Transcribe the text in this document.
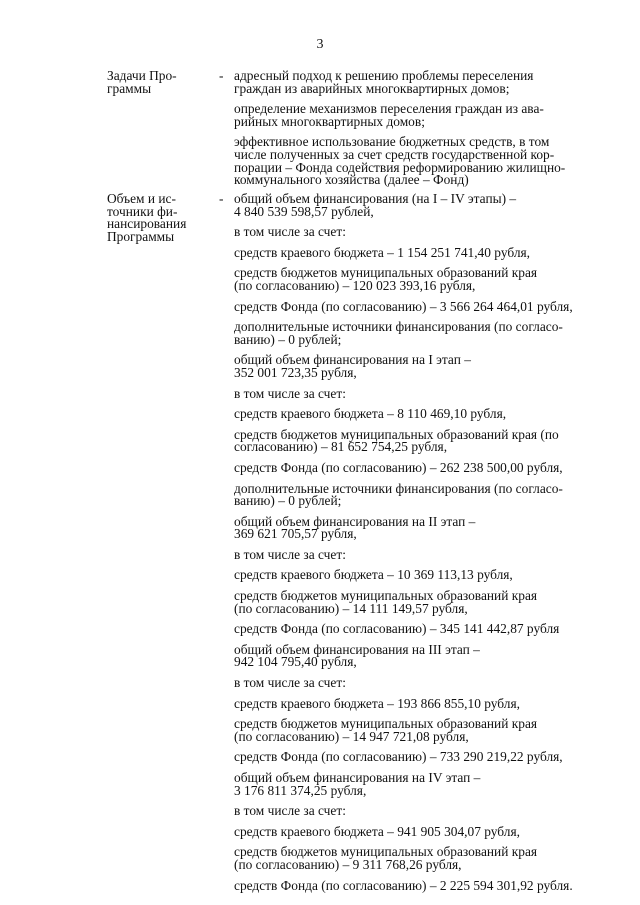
3
Задачи Про-
граммы
- адресный подход к решению проблемы переселения
граждан из аварийных многоквартирных домов;
определение механизмов переселения граждан из ава-
рийных многоквартирных домов;
эффективное использование бюджетных средств, в том
числе полученных за счет средств государственной кор-
порации – Фонда содействия реформированию жилищно-
коммунального хозяйства (далее – Фонд)
Объем и ис-
точники фи-
нансирования
Программы
- общий объем финансирования (на I – IV этапы) –
4 840 539 598,57 рублей,
в том числе за счет:
средств краевого бюджета – 1 154 251 741,40 рубля,
средств бюджетов муниципальных образований края
(по согласованию) – 120 023 393,16 рубля,
средств Фонда (по согласованию) – 3 566 264 464,01 рубля,
дополнительные источники финансирования (по согласо-
ванию) – 0 рублей;
общий объем финансирования на I этап –
352 001 723,35 рубля,
в том числе за счет:
средств краевого бюджета – 8 110 469,10 рубля,
средств бюджетов муниципальных образований края (по
согласованию) – 81 652 754,25 рубля,
средств Фонда (по согласованию) – 262 238 500,00 рубля,
дополнительные источники финансирования (по согласо-
ванию) – 0 рублей;
общий объем финансирования на II этап –
369 621 705,57 рубля,
в том числе за счет:
средств краевого бюджета – 10 369 113,13 рубля,
средств бюджетов муниципальных образований края
(по согласованию) – 14 111 149,57 рубля,
средств Фонда (по согласованию) – 345 141 442,87 рубля
общий объем финансирования на III этап –
942 104 795,40 рубля,
в том числе за счет:
средств краевого бюджета – 193 866 855,10 рубля,
средств бюджетов муниципальных образований края
(по согласованию) – 14 947 721,08 рубля,
средств Фонда (по согласованию) – 733 290 219,22 рубля,
общий объем финансирования на IV этап –
3 176 811 374,25 рубля,
в том числе за счет:
средств краевого бюджета – 941 905 304,07 рубля,
средств бюджетов муниципальных образований края
(по согласованию) – 9 311 768,26 рубля,
средств Фонда (по согласованию) – 2 225 594 301,92 рубля.
